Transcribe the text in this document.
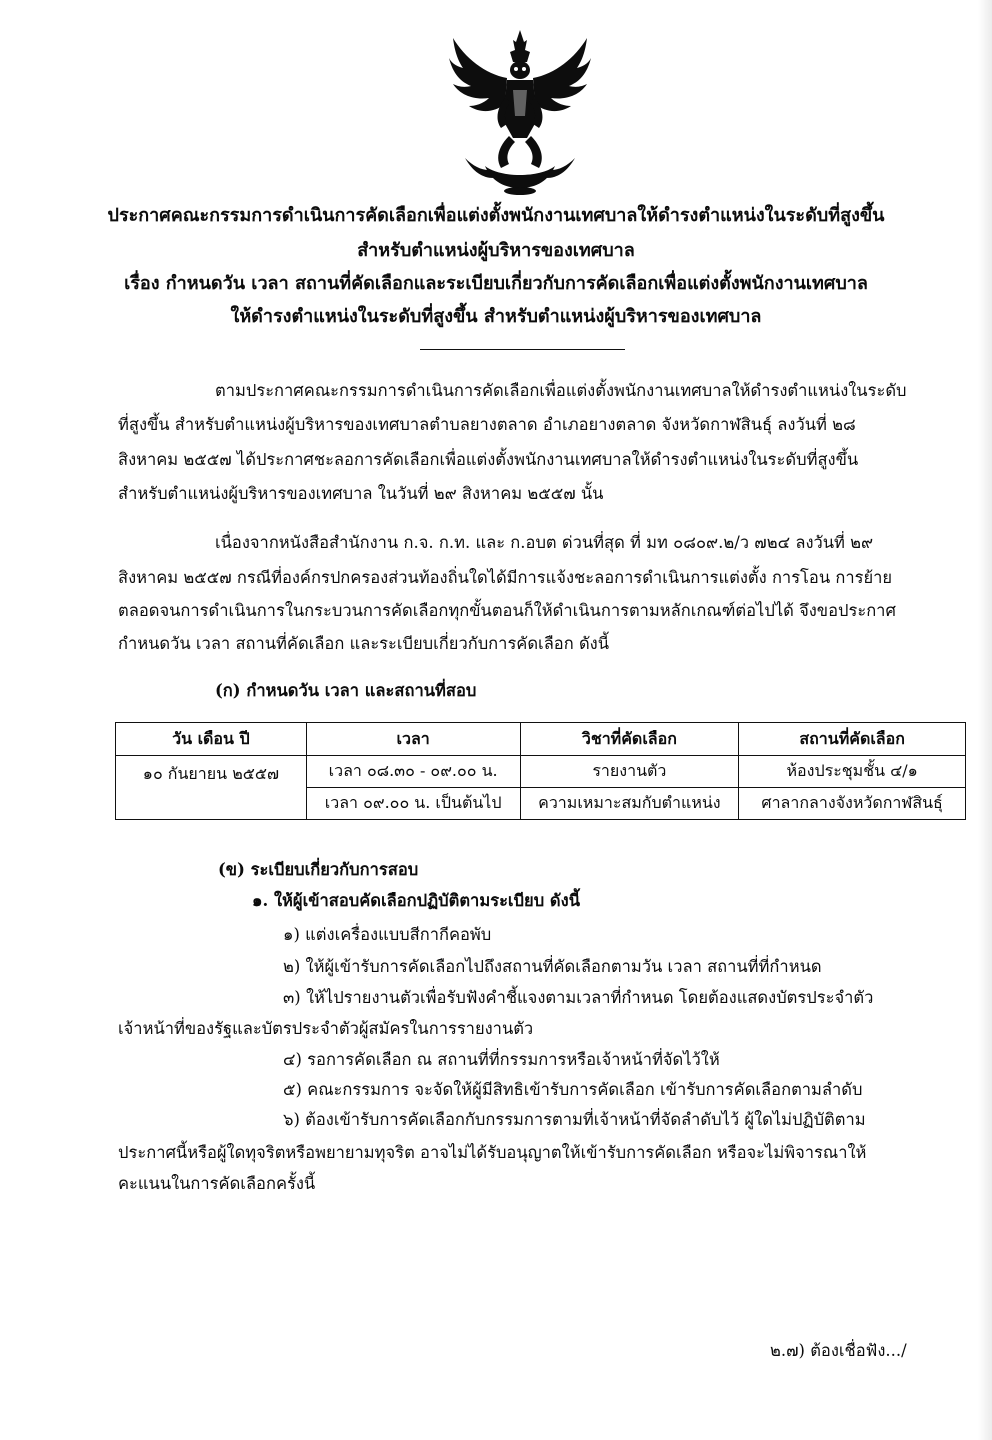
ประกาศคณะกรรมการดำเนินการคัดเลือกเพื่อแต่งตั้งพนักงานเทศบาลให้ดำรงตำแหน่งในระดับที่สูงขึ้น
สำหรับตำแหน่งผู้บริหารของเทศบาล
เรื่อง กำหนดวัน เวลา สถานที่คัดเลือกและระเบียบเกี่ยวกับการคัดเลือกเพื่อแต่งตั้งพนักงานเทศบาล
ให้ดำรงตำแหน่งในระดับที่สูงขึ้น สำหรับตำแหน่งผู้บริหารของเทศบาล
ตามประกาศคณะกรรมการดำเนินการคัดเลือกเพื่อแต่งตั้งพนักงานเทศบาลให้ดำรงตำแหน่งในระดับ
ที่สูงขึ้น สำหรับตำแหน่งผู้บริหารของเทศบาลตำบลยางตลาด อำเภอยางตลาด จังหวัดกาฬสินธุ์ ลงวันที่ ๒๘
สิงหาคม ๒๕๕๗ ได้ประกาศชะลอการคัดเลือกเพื่อแต่งตั้งพนักงานเทศบาลให้ดำรงตำแหน่งในระดับที่สูงขึ้น
สำหรับตำแหน่งผู้บริหารของเทศบาล ในวันที่ ๒๙ สิงหาคม ๒๕๕๗ นั้น
เนื่องจากหนังสือสำนักงาน ก.จ. ก.ท. และ ก.อบต ด่วนที่สุด ที่ มท ๐๘๐๙.๒/ว ๗๒๔ ลงวันที่ ๒๙
สิงหาคม ๒๕๕๗ กรณีที่องค์กรปกครองส่วนท้องถิ่นใดได้มีการแจ้งชะลอการดำเนินการแต่งตั้ง การโอน การย้าย
ตลอดจนการดำเนินการในกระบวนการคัดเลือกทุกขั้นตอนก็ให้ดำเนินการตามหลักเกณฑ์ต่อไปได้ จึงขอประกาศ
กำหนดวัน เวลา สถานที่คัดเลือก และระเบียบเกี่ยวกับการคัดเลือก ดังนี้
(ก) กำหนดวัน เวลา และสถานที่สอบ
วัน เดือน ปี	เวลา	วิชาที่คัดเลือก	สถานที่คัดเลือก
๑๐ กันยายน ๒๕๕๗	เวลา ๐๘.๓๐ - ๐๙.๐๐ น.	รายงานตัว	ห้องประชุมชั้น ๔/๑
	เวลา ๐๙.๐๐ น. เป็นต้นไป	ความเหมาะสมกับตำแหน่ง	ศาลากลางจังหวัดกาฬสินธุ์
(ข) ระเบียบเกี่ยวกับการสอบ
๑. ให้ผู้เข้าสอบคัดเลือกปฏิบัติตามระเบียบ ดังนี้
๑) แต่งเครื่องแบบสีกากีคอพับ
๒) ให้ผู้เข้ารับการคัดเลือกไปถึงสถานที่คัดเลือกตามวัน เวลา สถานที่ที่กำหนด
๓) ให้ไปรายงานตัวเพื่อรับฟังคำชี้แจงตามเวลาที่กำหนด โดยต้องแสดงบัตรประจำตัว
เจ้าหน้าที่ของรัฐและบัตรประจำตัวผู้สมัครในการรายงานตัว
๔) รอการคัดเลือก ณ สถานที่ที่กรรมการหรือเจ้าหน้าที่จัดไว้ให้
๕) คณะกรรมการ จะจัดให้ผู้มีสิทธิเข้ารับการคัดเลือก เข้ารับการคัดเลือกตามลำดับ
๖) ต้องเข้ารับการคัดเลือกกับกรรมการตามที่เจ้าหน้าที่จัดลำดับไว้ ผู้ใดไม่ปฏิบัติตาม
ประกาศนี้หรือผู้ใดทุจริตหรือพยายามทุจริต อาจไม่ได้รับอนุญาตให้เข้ารับการคัดเลือก หรือจะไม่พิจารณาให้
คะแนนในการคัดเลือกครั้งนี้
๒.๗) ต้องเชื่อฟัง.../
